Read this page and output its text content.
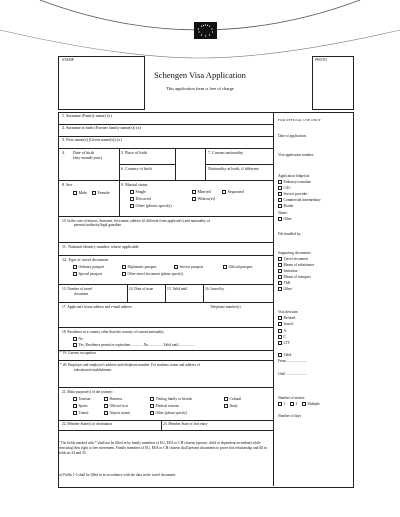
STAMP	PHOTO
Schengen Visa Application
This application form is free of charge
1. Surname (Family name) (x)
2. Surname at birth (Former family name(s)) (x)
3. First name(s) (Given name(s)) (x)
4. Date of birth
(day-month-year)
5. Place of birth
6. Country of birth
7. Current nationality
Nationality at birth, if different
8. Sex
Male	Female
9. Marital status
Single	Married	Separated
Divorced	Widow(er)
Other (please specify)
10. In the case of minors: Surname, first name, address (if different from applicant's) and nationality of
parental authority/legal guardian
11. National identity number, where applicable
12. Type of travel document
Ordinary passport	Diplomatic passport	Service passport	Official passport
Special passport	Other travel document (please specify)
13. Number of travel
document
14. Date of issue	15. Valid until	16. Issued by
17. Applicant's home address and e-mail address	Telephone number(s)
18. Residence in a country other than the country of current nationality
No
Yes. Residence permit or equivalent ............. No. .............. Valid until .................
* 19. Current occupation
* 20. Employer and employer's address and telephone number. For students, name and address of
educational establishment.
21. Main purpose(s) of the journey:
Tourism	Business	Visiting family or friends	Cultural
Sports	Official visit	Medical reasons	Study
Transit	Airport transit	Other (please specify)
22. Member State(s) of destination	23. Member State of first entry
FOR OFFICIAL USE ONLY
Date of application:
Visa application number:
Application lodged at:
Embassy/consulate
CAC
Service provider
Commercial intermediary
Border
Name:
Other
File handled by:
Supporting documents:
Travel document
Means of subsistence
Invitation
Means of transport
TMI
Other:
Visa decision:
Refused
Issued:
A
C
LTV
Valid:
From .......................
Until .......................
Number of entries:
1	2	Multiple
Number of days
* The fields marked with * shall not be filled in by family members of EU, EEA or CH citizens (spouse, child or dependent ascendant) while
exercising their right to free movement. Family members of EU, EEA or CH citizens shall present documents to prove this relationship and fill in
fields no 34 and 35.
(x) Fields 1-3 shall be filled in in accordance with the data in the travel document.
